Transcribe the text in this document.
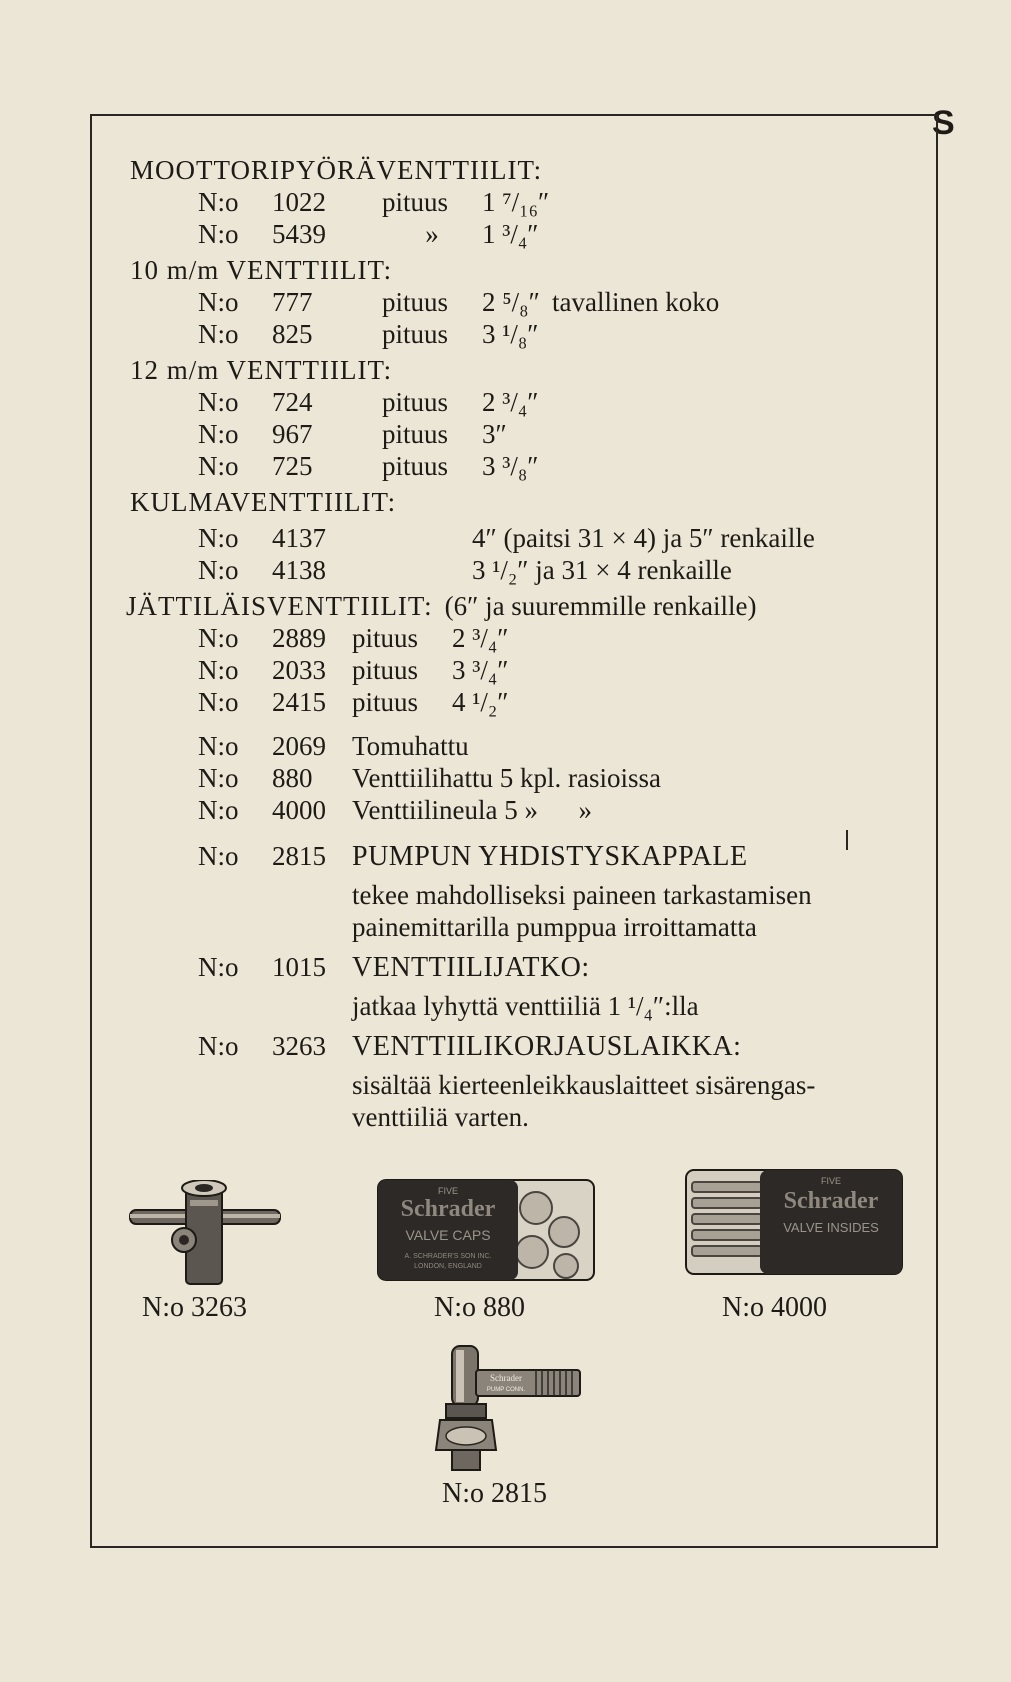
S
MOOTTORIPYÖRÄVENTTIILIT:
N:o	1022	pituus	1 ⁷/₁₆″
N:o	5439	»	1 ³/₄″
10 m/m VENTTIILIT:
N:o	777	pituus	2 ⁵/₈″ tavallinen koko
N:o	825	pituus	3 ¹/₈″
12 m/m VENTTIILIT:
N:o	724	pituus	2 ³/₄″
N:o	967	pituus	3″
N:o	725	pituus	3 ³/₈″
KULMAVENTTIILIT:
N:o	4137	4″ (paitsi 31 × 4) ja 5″ renkaille
N:o	4138	3 ¹/₂″ ja 31 × 4 renkaille
JÄTTILÄISVENTTIILIT: (6″ ja suuremmille renkaille)
N:o	2889 pituus	2 ³/₄″
N:o	2033 pituus	3 ³/₄″
N:o	2415 pituus	4 ¹/₂″
N:o	2069 Tomuhattu
N:o	880	Venttiilihattu 5 kpl. rasioissa
N:o	4000 Venttiilineula 5 »      »
N:o	2815 PUMPUN YHDISTYSKAPPALE
tekee mahdolliseksi paineen tarkastamisen
painemittarilla pumppua irroittamatta
N:o	1015 VENTTIILIJATKO:
jatkaa lyhyttä venttiiliä 1 ¹/₄″:lla
N:o	3263 VENTTIILIKORJAUSLAIKKA:
sisältää kierteenleikkauslaitteet sisärengas-
venttiiliä varten.
N:o 3263
FIVE
Schrader
VALVE CAPS
A. SCHRADER'S SON INC.
LONDON, ENGLAND
N:o 880
FIVE
Schrader
VALVE INSIDES
N:o 4000
Schrader
PUMP CONN.
N:o 2815
